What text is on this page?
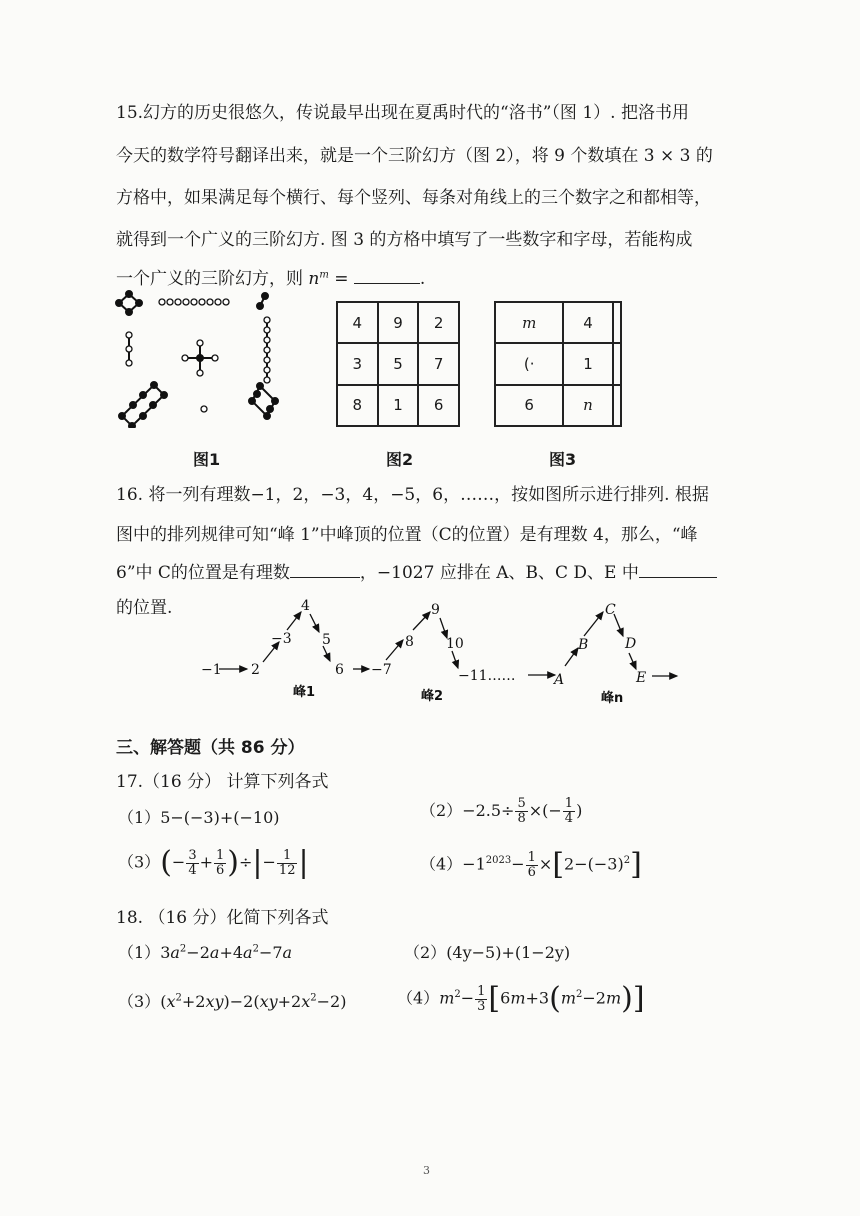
15.幻方的历史很悠久，传说最早出现在夏禹时代的“洛书”（图 1）. 把洛书用
今天的数学符号翻译出来，就是一个三阶幻方（图 2），将 9 个数填在 3 × 3 的
方格中，如果满足每个横行、每个竖列、每条对角线上的三个数字之和都相等，
就得到一个广义的三阶幻方. 图 3 的方格中填写了一些数字和字母，若能构成
一个广义的三阶幻方，则 $n^m$ =	.
4	9	2
3	5	7
8	1	6
m	4	
(·	1	
6	n	
图1	图2	图3
16. 将一列有理数−1，2，−3，4，−5，6，……，按如图所示进行排列. 根据
图中的排列规律可知“峰 1”中峰顶的位置（C的位置）是有理数 4，那么，“峰
6”中 C的位置是有理数	，−1027 应排在 A、B、C D、E 中
的位置.
−1 2
−3
4
5
6 −7
8
9
10
−11……	A
B
C
D
E
峰1	峰2	峰n
三、解答题（共 86 分）
17.（16 分） 计算下列各式
（1）5−(−3)+(−10)	$(2)-2.5\div \frac{5}{8}$ ×(− $\frac{1}{4}$ )
$(3)(- \frac{3}{4} + \frac{1}{6}$ )÷|− $\frac{1}{12}$ |	$(4)-1^{2023}- \frac{1}{6} \times[2-(-3)^2]$
18. （16 分）化简下列各式
$(1)3a^2-2a+4a^2-7a$	（2）(4y−5)+(1−2y)
$(3)(x^2+2xy)-2(xy+2x^2-2)$	$(4)m^2- \frac{1}{3} [6m+3(m^2-2m)]$
3
